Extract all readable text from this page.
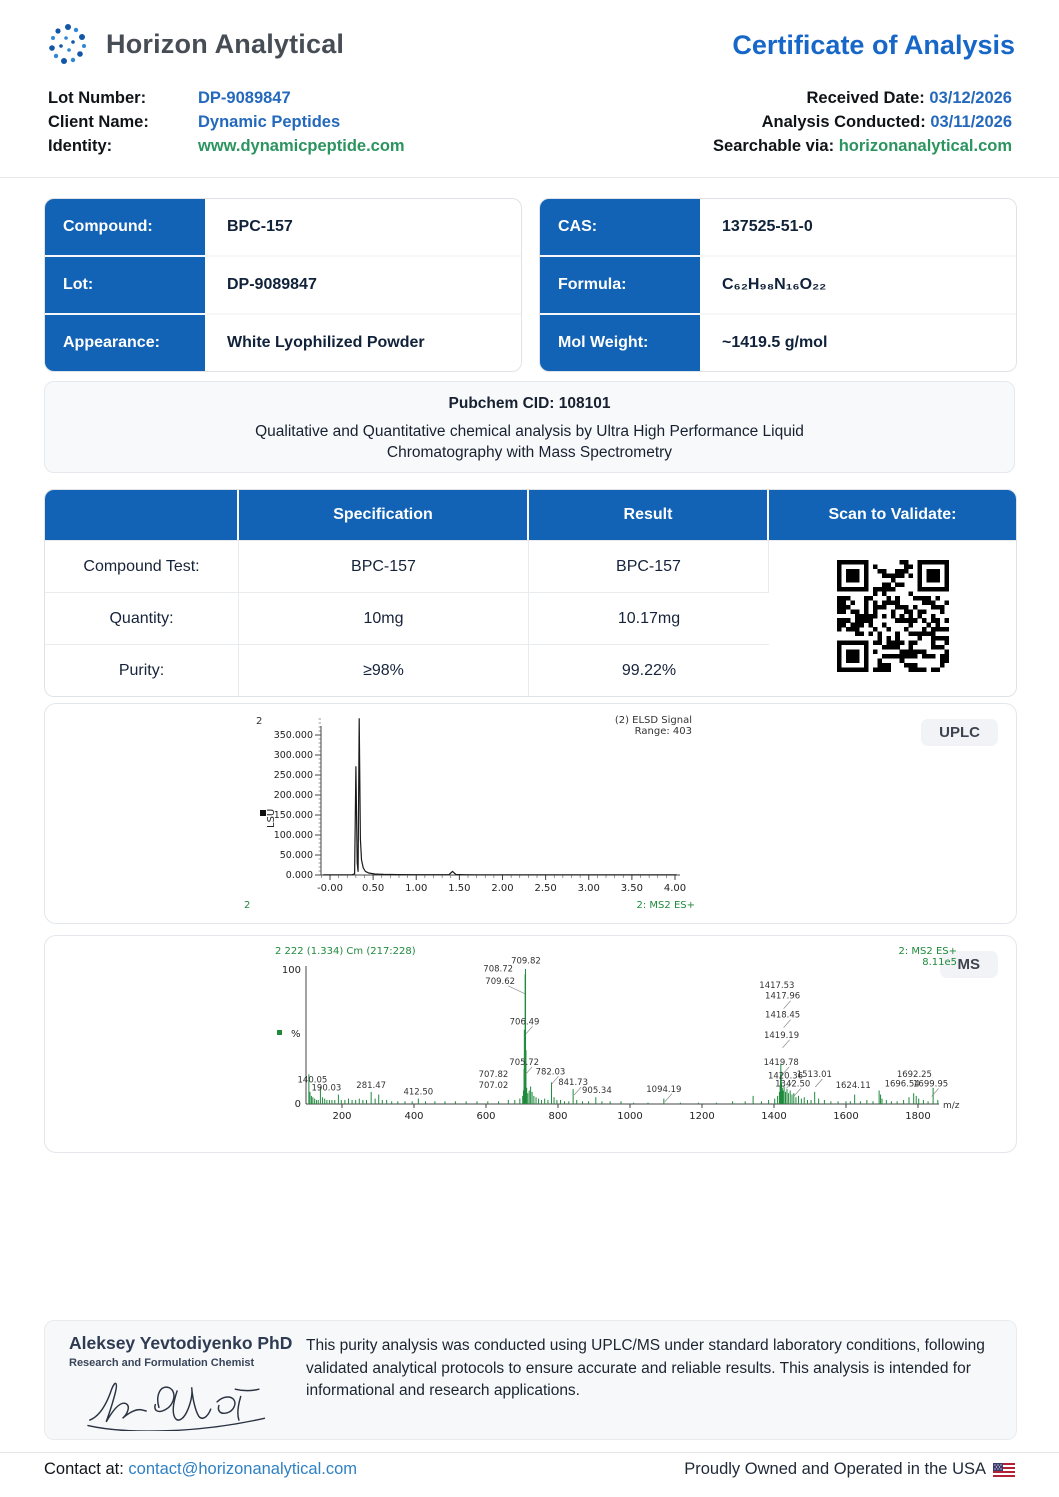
Horizon Analytical	Certificate of Analysis
Lot Number:	DP-9089847
Client Name:	Dynamic Peptides
Identity:	www.dynamicpeptide.com
Received Date: 03/12/2026
Analysis Conducted: 03/11/2026
Searchable via: horizonanalytical.com
Compound:	BPC-157
Lot:	DP-9089847
Appearance:	White Lyophilized Powder
CAS:	137525-51-0
Formula:	C₆₂H₉₈N₁₆O₂₂
Mol Weight:	~1419.5 g/mol
Pubchem CID: 108101
Qualitative and Quantitative chemical analysis by Ultra High Performance Liquid
Chromatography with Mass Spectrometry
	Specification	Result	Scan to Validate:
Compound Test:	BPC-157	BPC-157	
Quantity:	10mg	10.17mg	
Purity:	≥98%	99.22%	
UPLC
0.000
50.000
100.000
150.000
200.000
250.000
300.000
350.000
-0.00 0.50 1.00 1.50 2.00 2.50 3.00 3.50 4.00
2	(2) ELSD Signal
Range: 403
LSU
2	2: MS2 ES+
MS
2 222 (1.334) Cm (217:228)	2: MS2 ES+
8.11e5
100
0
200	400	600	800	1000	1200	1400	1600	1800
%
m/z
140.05
190.03 281.47
412.50
707.82
707.02
705.72
706.49
708.72
709.62
709.82
782.03
841.73
905.34	1094.19
1417.53
1417.96
1418.45
1419.19
1419.78
1420.36
1342.50
1513.01
1624.11
1692.25
1696.54
1699.95
Aleksey Yevtodiyenko PhD
Research and Formulation Chemist
This purity analysis was conducted using UPLC/MS under standard laboratory conditions, following validated analytical protocols to ensure accurate and reliable results. This analysis is intended for informational and research applications.
Contact at: contact@horizonanalytical.com	Proudly Owned and Operated in the USA
